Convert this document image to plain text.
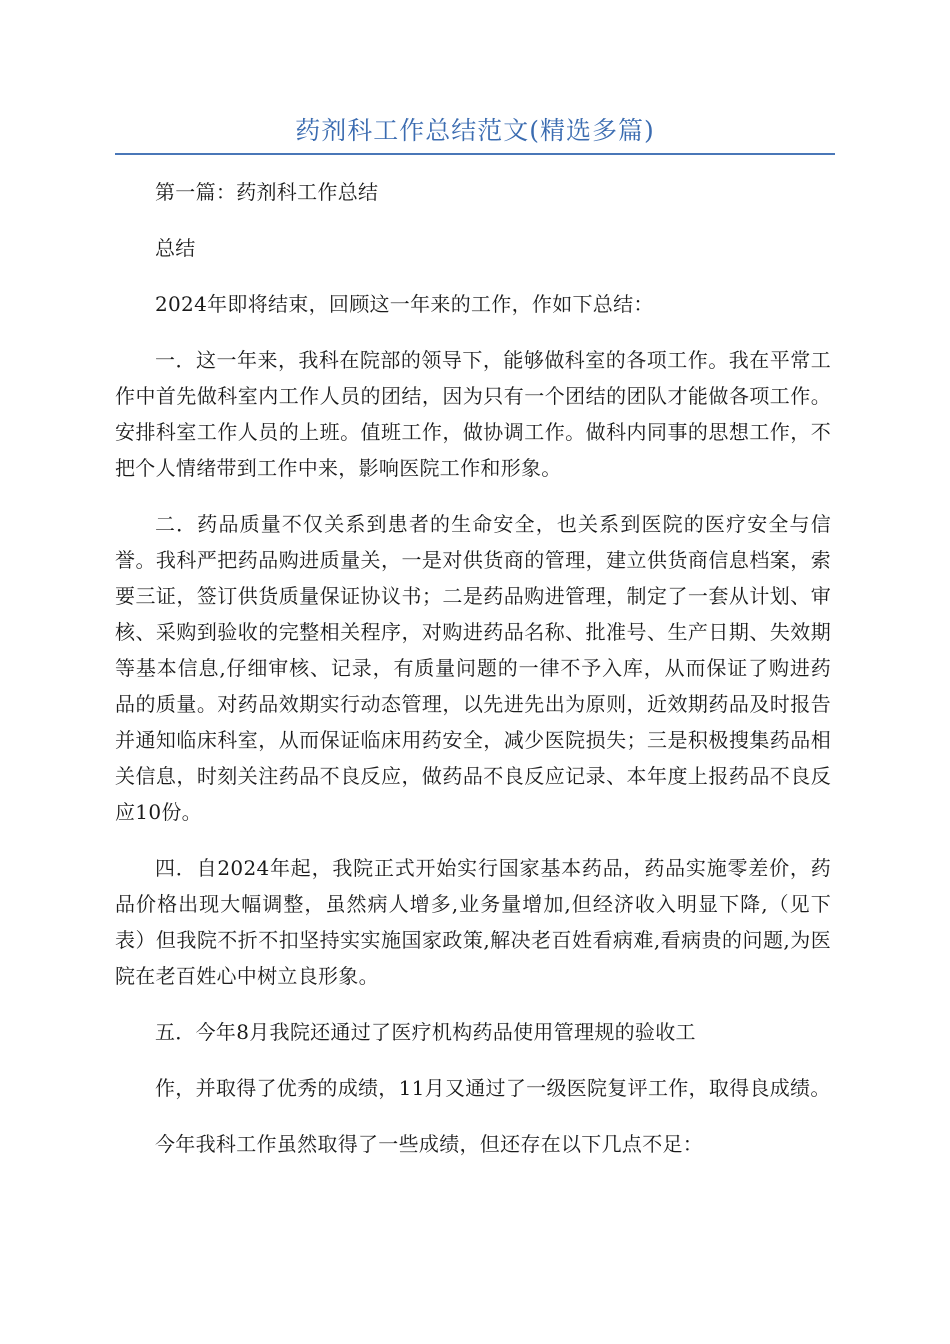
药剂科工作总结范文(精选多篇)

第一篇：药剂科工作总结

总结

2024年即将结束，回顾这一年来的工作，作如下总结：

一．这一年来，我科在院部的领导下，能够做科室的各项工作。我在平常工作中首先做科室内工作人员的团结，因为只有一个团结的团队才能做各项工作。安排科室工作人员的上班。值班工作，做协调工作。做科内同事的思想工作，不把个人情绪带到工作中来，影响医院工作和形象。

二．药品质量不仅关系到患者的生命安全，也关系到医院的医疗安全与信誉。我科严把药品购进质量关，一是对供货商的管理，建立供货商信息档案，索要三证，签订供货质量保证协议书；二是药品购进管理，制定了一套从计划、审核、采购到验收的完整相关程序，对购进药品名称、批准号、生产日期、失效期等基本信息,仔细审核、记录，有质量问题的一律不予入库，从而保证了购进药品的质量。对药品效期实行动态管理，以先进先出为原则，近效期药品及时报告并通知临床科室，从而保证临床用药安全，减少医院损失；三是积极搜集药品相关信息，时刻关注药品不良反应，做药品不良反应记录、本年度上报药品不良反应10份。

四．自2024年起，我院正式开始实行国家基本药品，药品实施零差价，药品价格出现大幅调整，虽然病人增多,业务量增加,但经济收入明显下降,（见下表）但我院不折不扣坚持实实施国家政策,解决老百姓看病难,看病贵的问题,为医院在老百姓心中树立良形象。

五．今年8月我院还通过了医疗机构药品使用管理规的验收工

作，并取得了优秀的成绩，11月又通过了一级医院复评工作，取得良成绩。

今年我科工作虽然取得了一些成绩，但还存在以下几点不足：
